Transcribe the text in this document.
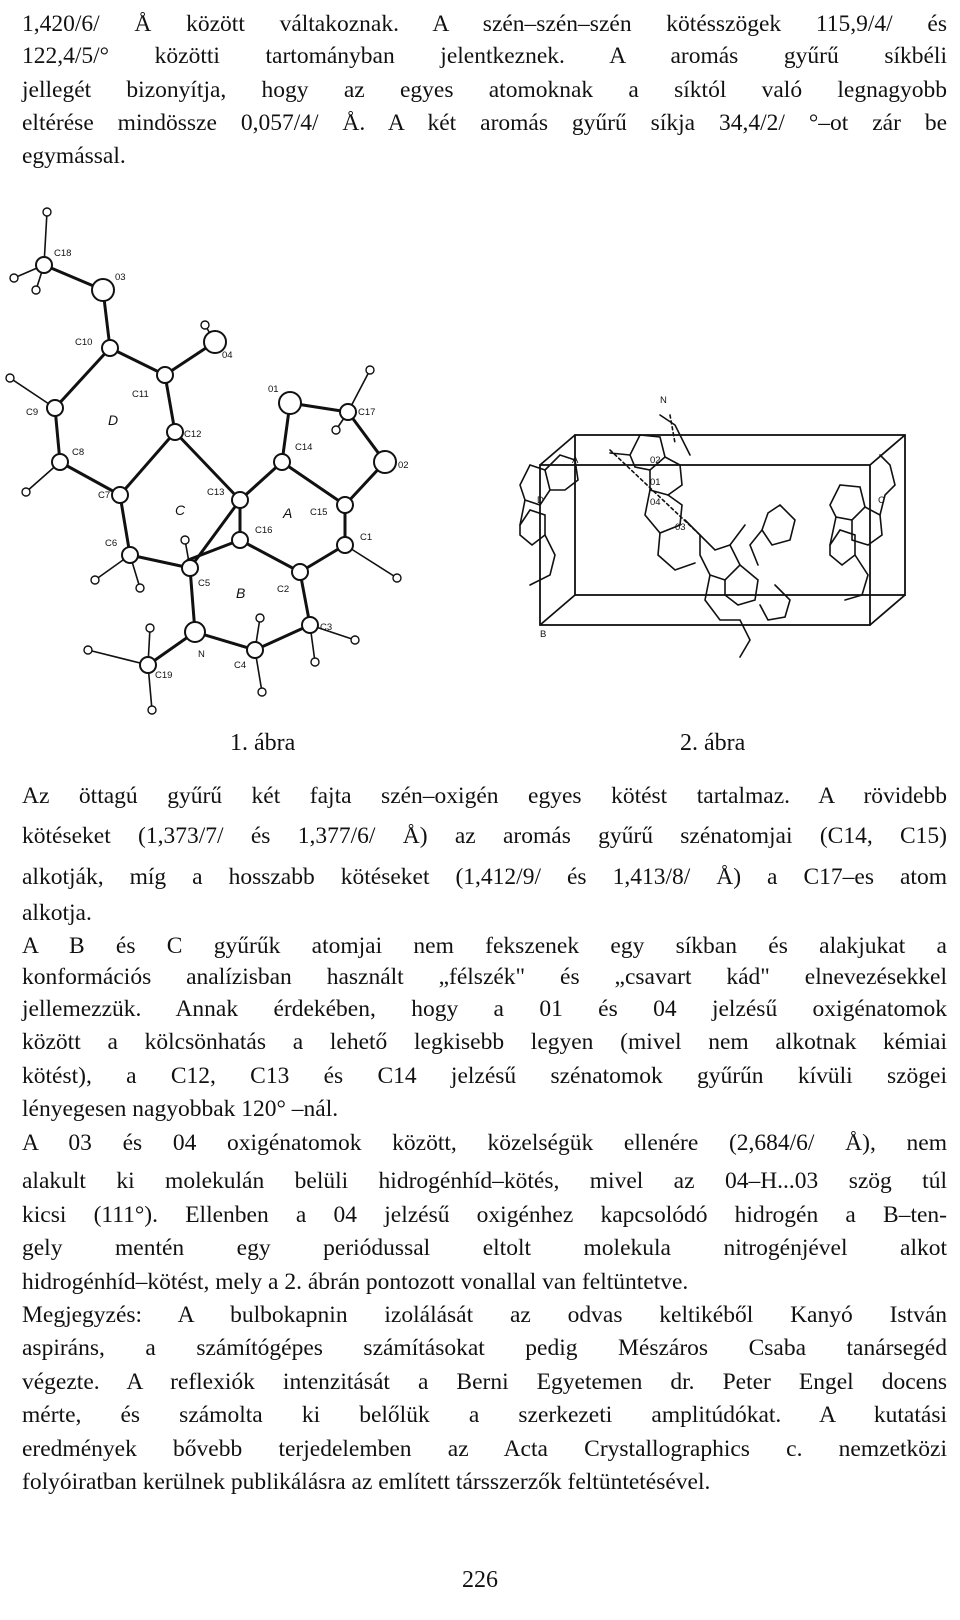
1,420/6/ Å között váltakoznak. A szén–szén–szén kötésszögek 115,9/4/ és
122,4/5/° közötti tartományban jelentkeznek. A aromás gyűrű síkbéli
jellegét bizonyítja, hogy az egyes atomoknak a síktól való legnagyobb
eltérése mindössze 0,057/4/ Å. A két aromás gyűrű síkja 34,4/2/ °–ot zár be
egymással.
C18
03
C10
04
C9
C11
D
01
C17
C8
C12
C14
02
C7	C13
C	A C15
C16
C6
C1
C5
B	C2
C3
N
C4
C19
N
A	02
01
04
03
D	C
B
1. ábra	2. ábra
Az öttagú gyűrű két fajta szén–oxigén egyes kötést tartalmaz. A rövidebb
kötéseket (1,373/7/ és 1,377/6/ Å) az aromás gyűrű szénatomjai (C14, C15)
alkotják, míg a hosszabb kötéseket (1,412/9/ és 1,413/8/ Å) a C17–es atom
alkotja.
A B és C gyűrűk atomjai nem fekszenek egy síkban és alakjukat a
konformációs analízisban használt „félszék" és „csavart kád" elnevezésekkel
jellemezzük. Annak érdekében, hogy a 01 és 04 jelzésű oxigénatomok
között a kölcsönhatás a lehető legkisebb legyen (mivel nem alkotnak kémiai
kötést), a C12, C13 és C14 jelzésű szénatomok gyűrűn kívüli szögei
lényegesen nagyobbak 120° –nál.
A 03 és 04 oxigénatomok között, közelségük ellenére (2,684/6/ Å), nem
alakult ki molekulán belüli hidrogénhíd–kötés, mivel az 04–H...03 szög túl
kicsi (111°). Ellenben a 04 jelzésű oxigénhez kapcsolódó hidrogén a B–ten-
gely mentén egy periódussal eltolt molekula nitrogénjével alkot
hidrogénhíd–kötést, mely a 2. ábrán pontozott vonallal van feltüntetve.
Megjegyzés: A bulbokapnin izolálását az odvas keltikéből Kanyó István
aspiráns, a számítógépes számításokat pedig Mészáros Csaba tanársegéd
végezte. A reflexiók intenzitását a Berni Egyetemen dr. Peter Engel docens
mérte, és számolta ki belőlük a szerkezeti amplitúdókat. A kutatási
eredmények bővebb terjedelemben az Acta Crystallographics c. nemzetközi
folyóiratban kerülnek publikálásra az említett társszerzők feltüntetésével.
226
